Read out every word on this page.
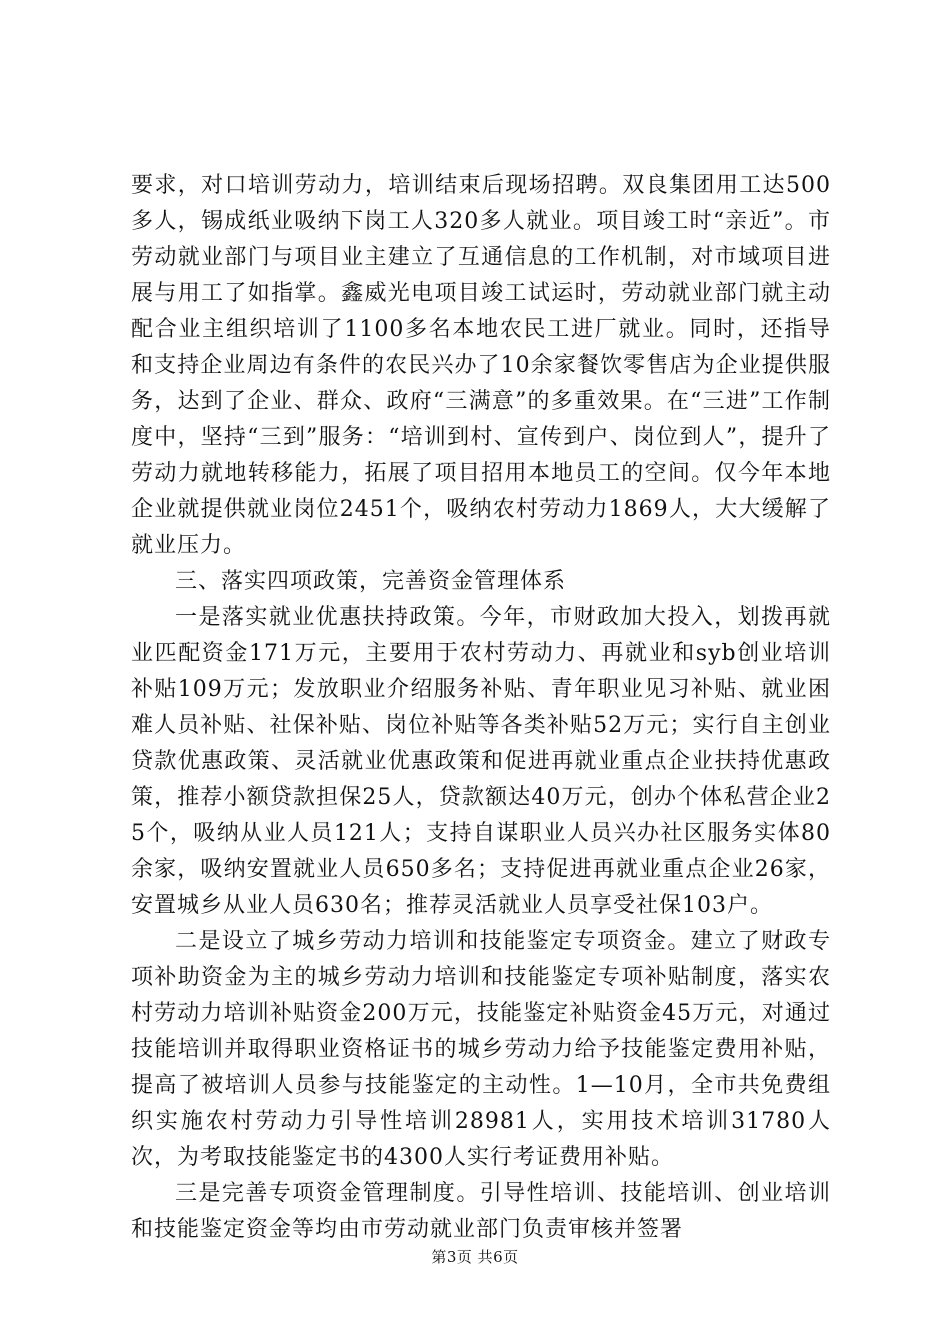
要求，对口培训劳动力，培训结束后现场招聘。双良集团用工达500多人，锡成纸业吸纳下岗工人320多人就业。项目竣工时“亲近”。市劳动就业部门与项目业主建立了互通信息的工作机制，对市域项目进展与用工了如指掌。鑫威光电项目竣工试运时，劳动就业部门就主动配合业主组织培训了1100多名本地农民工进厂就业。同时，还指导和支持企业周边有条件的农民兴办了10余家餐饮零售店为企业提供服务，达到了企业、群众、政府“三满意”的多重效果。在“三进”工作制度中，坚持“三到”服务：“培训到村、宣传到户、岗位到人”，提升了劳动力就地转移能力，拓展了项目招用本地员工的空间。仅今年本地企业就提供就业岗位2451个，吸纳农村劳动力1869人，大大缓解了就业压力。

三、落实四项政策，完善资金管理体系

一是落实就业优惠扶持政策。今年，市财政加大投入，划拨再就业匹配资金171万元，主要用于农村劳动力、再就业和syb创业培训补贴109万元；发放职业介绍服务补贴、青年职业见习补贴、就业困难人员补贴、社保补贴、岗位补贴等各类补贴52万元；实行自主创业贷款优惠政策、灵活就业优惠政策和促进再就业重点企业扶持优惠政策，推荐小额贷款担保25人，贷款额达40万元，创办个体私营企业25个，吸纳从业人员121人；支持自谋职业人员兴办社区服务实体80余家，吸纳安置就业人员650多名；支持促进再就业重点企业26家，安置城乡从业人员630名；推荐灵活就业人员享受社保103户。

二是设立了城乡劳动力培训和技能鉴定专项资金。建立了财政专项补助资金为主的城乡劳动力培训和技能鉴定专项补贴制度，落实农村劳动力培训补贴资金200万元，技能鉴定补贴资金45万元，对通过技能培训并取得职业资格证书的城乡劳动力给予技能鉴定费用补贴，提高了被培训人员参与技能鉴定的主动性。1—10月，全市共免费组织实施农村劳动力引导性培训28981人，实用技术培训31780人次，为考取技能鉴定书的4300人实行考证费用补贴。

三是完善专项资金管理制度。引导性培训、技能培训、创业培训和技能鉴定资金等均由市劳动就业部门负责审核并签署

第3页 共6页
